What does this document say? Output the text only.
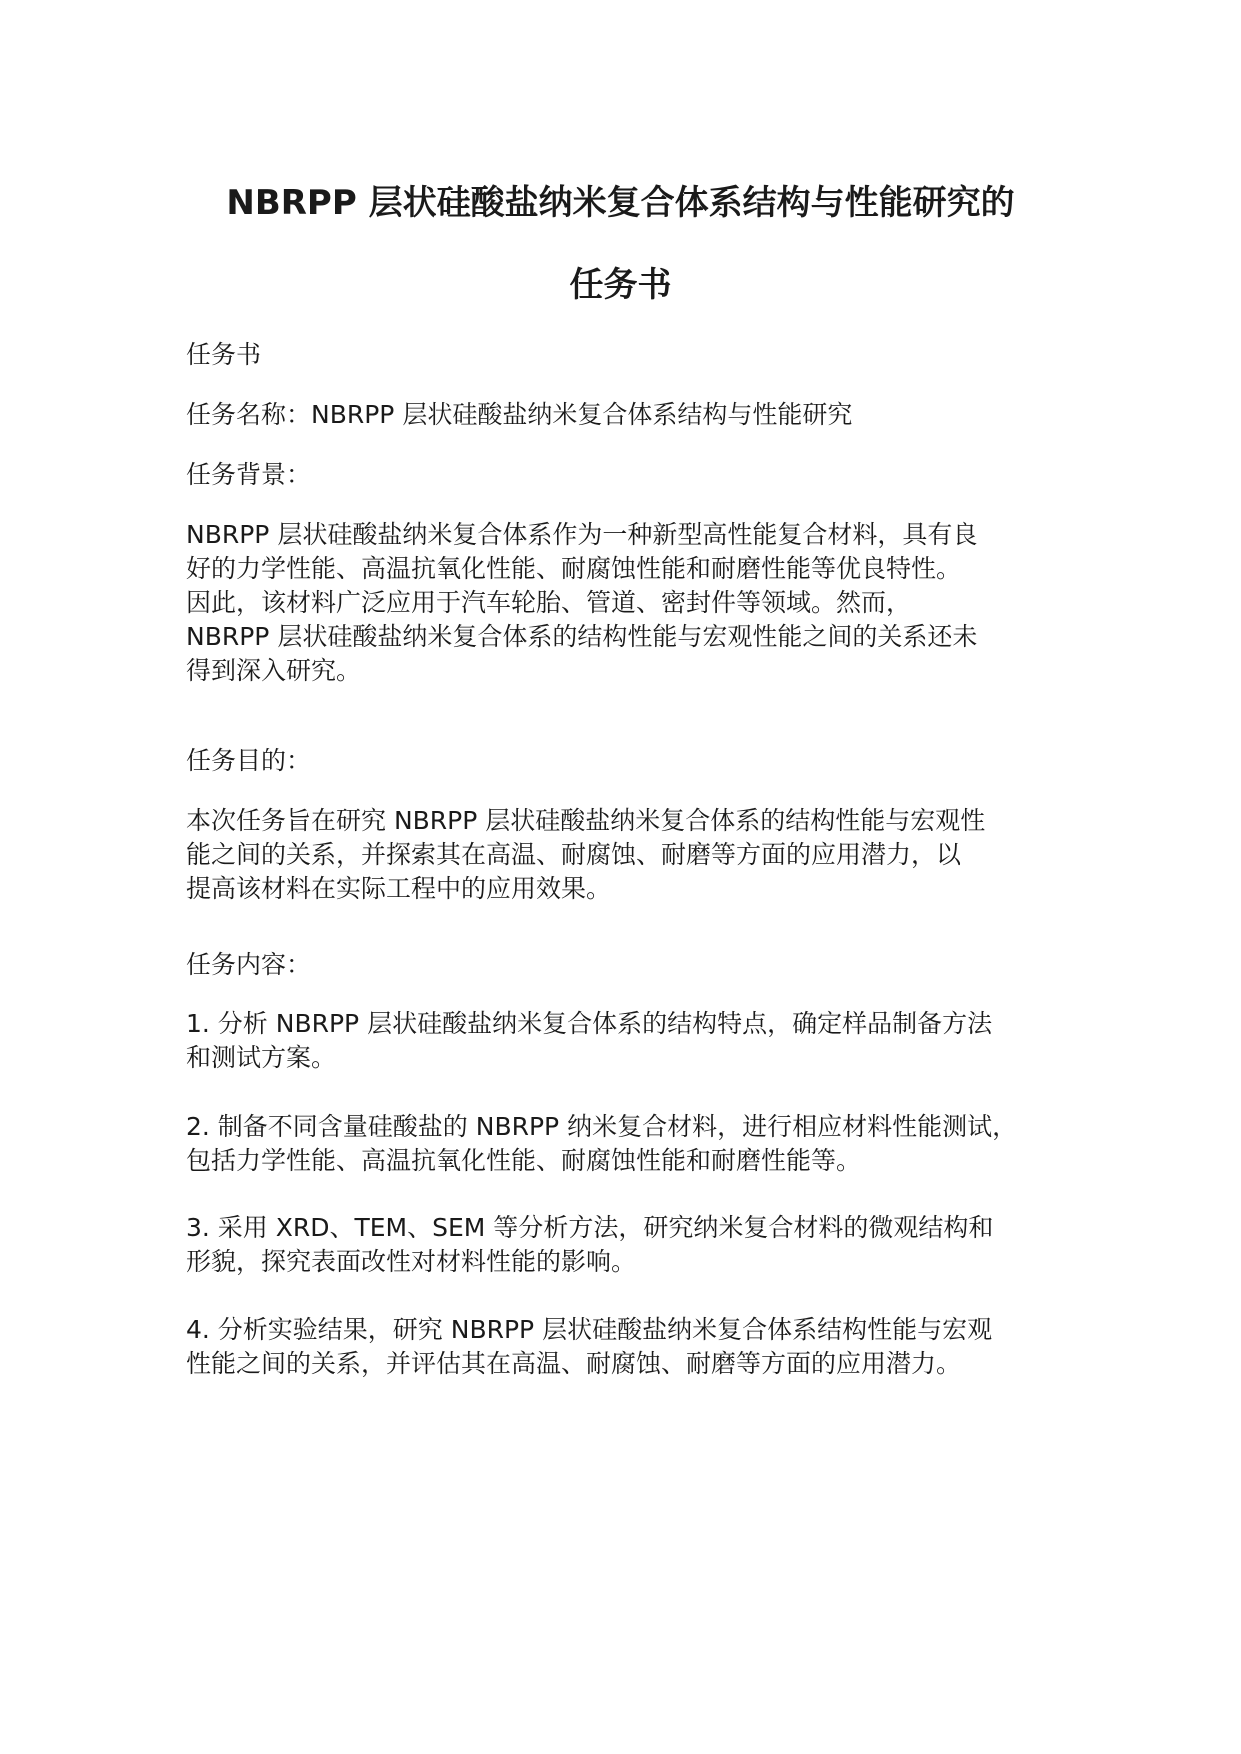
NBRPP 层状硅酸盐纳米复合体系结构与性能研究的
任务书

任务书

任务名称：NBRPP 层状硅酸盐纳米复合体系结构与性能研究

任务背景：

NBRPP 层状硅酸盐纳米复合体系作为一种新型高性能复合材料，具有良
好的力学性能、高温抗氧化性能、耐腐蚀性能和耐磨性能等优良特性。
因此，该材料广泛应用于汽车轮胎、管道、密封件等领域。然而，
NBRPP 层状硅酸盐纳米复合体系的结构性能与宏观性能之间的关系还未
得到深入研究。

任务目的：

本次任务旨在研究 NBRPP 层状硅酸盐纳米复合体系的结构性能与宏观性
能之间的关系，并探索其在高温、耐腐蚀、耐磨等方面的应用潜力，以
提高该材料在实际工程中的应用效果。

任务内容：

1. 分析 NBRPP 层状硅酸盐纳米复合体系的结构特点，确定样品制备方法
和测试方案。

2. 制备不同含量硅酸盐的 NBRPP 纳米复合材料，进行相应材料性能测试，
包括力学性能、高温抗氧化性能、耐腐蚀性能和耐磨性能等。

3. 采用 XRD、TEM、SEM 等分析方法，研究纳米复合材料的微观结构和
形貌，探究表面改性对材料性能的影响。

4. 分析实验结果，研究 NBRPP 层状硅酸盐纳米复合体系结构性能与宏观
性能之间的关系，并评估其在高温、耐腐蚀、耐磨等方面的应用潜力。
